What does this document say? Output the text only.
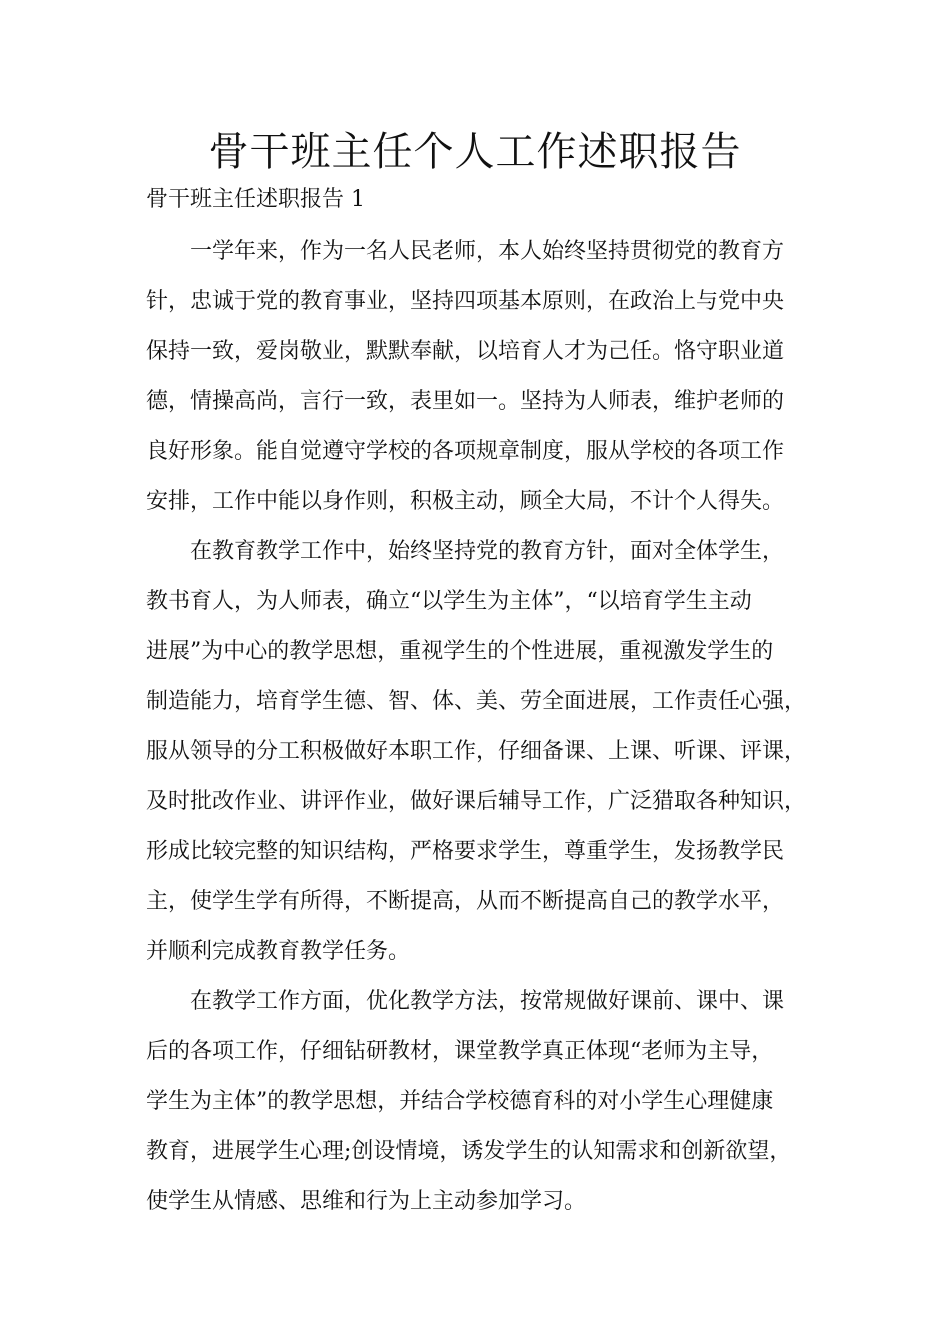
骨干班主任个人工作述职报告

骨干班主任述职报告 1

一学年来，作为一名人民老师，本人始终坚持贯彻党的教育方

针，忠诚于党的教育事业，坚持四项基本原则，在政治上与党中央

保持一致，爱岗敬业，默默奉献，以培育人才为己任。恪守职业道

德，情操高尚，言行一致，表里如一。坚持为人师表，维护老师的

良好形象。能自觉遵守学校的各项规章制度，服从学校的各项工作

安排，工作中能以身作则，积极主动，顾全大局，不计个人得失。

在教育教学工作中，始终坚持党的教育方针，面对全体学生，

教书育人，为人师表，确立“以学生为主体”，“以培育学生主动

进展”为中心的教学思想，重视学生的个性进展，重视激发学生的

制造能力，培育学生德、智、体、美、劳全面进展，工作责任心强，

服从领导的分工积极做好本职工作，仔细备课、上课、听课、评课，

及时批改作业、讲评作业，做好课后辅导工作，广泛猎取各种知识，

形成比较完整的知识结构，严格要求学生，尊重学生，发扬教学民

主，使学生学有所得，不断提高，从而不断提高自己的教学水平，

并顺利完成教育教学任务。

在教学工作方面，优化教学方法，按常规做好课前、课中、课

后的各项工作，仔细钻研教材，课堂教学真正体现“老师为主导，

学生为主体”的教学思想，并结合学校德育科的对小学生心理健康

教育，进展学生心理;创设情境，诱发学生的认知需求和创新欲望，

使学生从情感、思维和行为上主动参加学习。
